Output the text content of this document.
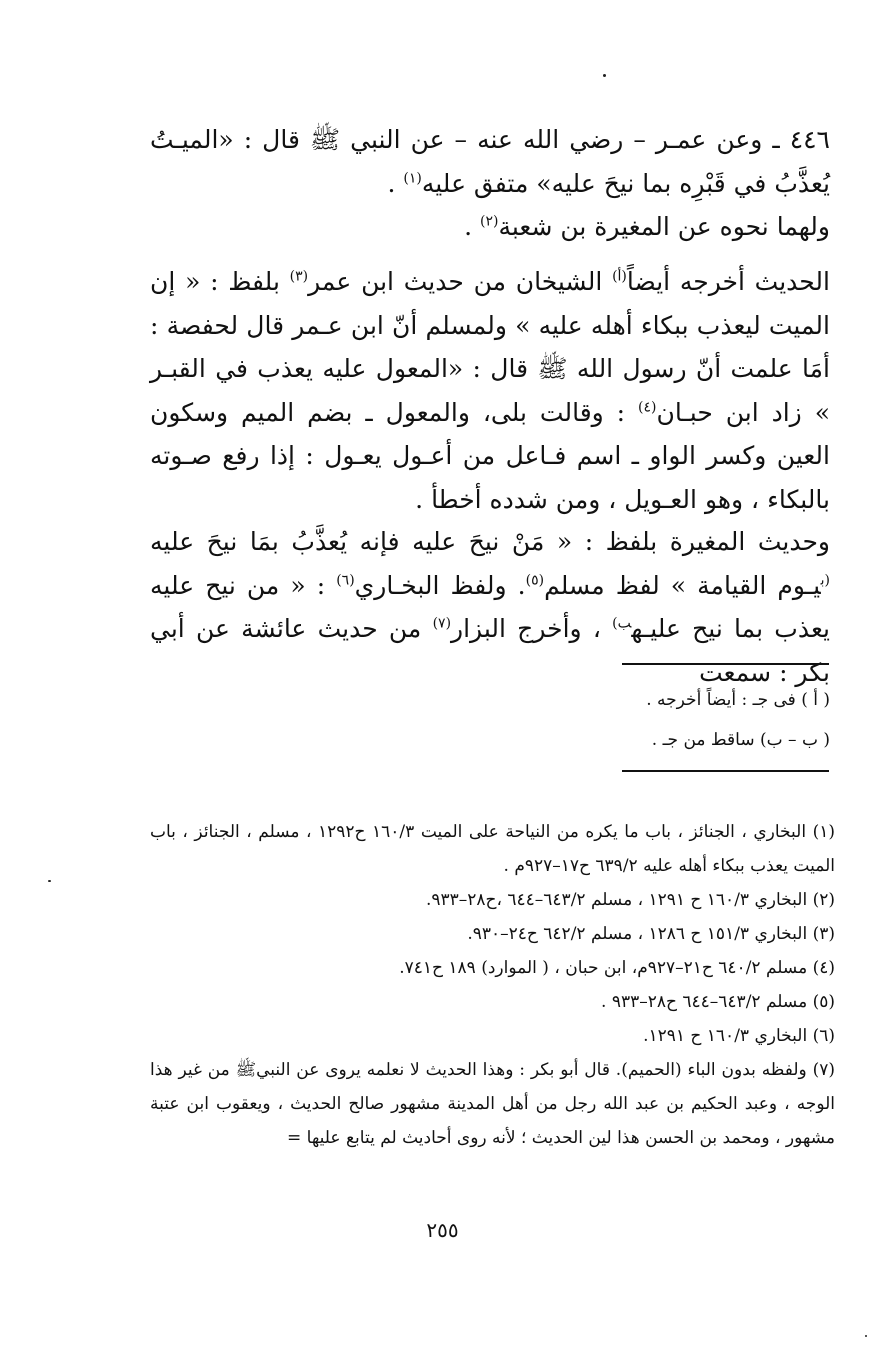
٤٤٦ ـ وعن عمـر – رضي الله عنه – عن النبي ﷺ قال : «الميـتُ يُعذَّبُ في قَبْرِه بما نيحَ عليه» متفق عليه$^{(١)}$ .

ولهما نحوه عن المغيرة بن شعبة$^{(٢)}$ .

الحديث أخرجه أيضاً$^{(أ)}$ الشيخان من حديث ابن عمر$^{(٣)}$ بلفظ : « إن الميت ليعذب ببكاء أهله عليه » ولمسلم أنّ ابن عـمر قال لحفصة : أمَا علمت أنّ رسول الله ﷺ قال : «المعول عليه يعذب في القبـر » زاد ابن حبـان$^{(٤)}$ : وقالت بلى، والمعول ـ بضم الميم وسكون العين وكسر الواو ـ اسم فـاعل من أعـول يعـول : إذا رفع صـوته بالبكاء ، وهو العـويل ، ومن شدده أخطأ .

وحديث المغيرة بلفظ : « مَنْ نيحَ عليه فإنه يُعذَّبُ بمَا نيحَ عليه $^{(ب}$يـوم القيامة » لفظ مسلم$^{(٥)}$. ولفظ البخـاري$^{(٦)}$ : « من نيح عليه يعذب بما نيح عليـه$^{ب)}$ ، وأخرج البزار$^{(٧)}$ من حديث عائشة عن أبي بكر : سمعت

( أ ) فى جـ : أيضاً أخرجه .

( ب – ب) ساقط من جـ .

(١) البخاري ، الجنائز ، باب ما يكره من النياحة على الميت ١٦٠/٣ ح١٢٩٢ ، مسلم ، الجنائز ، باب الميت يعذب ببكاء أهله عليه ٦٣٩/٢ ح١٧–٩٢٧م .

(٢) البخاري ١٦٠/٣ ح ١٢٩١ ، مسلم ٦٤٣/٢–٦٤٤ ،ح٢٨–٩٣٣.

(٣) البخاري ١٥١/٣ ح ١٢٨٦ ، مسلم ٦٤٢/٢ ح٢٤–٩٣٠.

(٤) مسلم ٦٤٠/٢ ح٢١–٩٢٧م، ابن حبان ، ( الموارد) ١٨٩ ح٧٤١.

(٥) مسلم ٦٤٣/٢–٦٤٤ ح٢٨–٩٣٣ .

(٦) البخاري ١٦٠/٣ ح ١٢٩١.

(٧) ولفظه بدون الباء (الحميم). قال أبو بكر : وهذا الحديث لا نعلمه يروى عن النبيﷺ من غير هذا الوجه ، وعبد الحكيم بن عبد الله رجل من أهل المدينة مشهور صالح الحديث ، ويعقوب ابن عتبة مشهور ، ومحمد بن الحسن هذا لين الحديث ؛ لأنه روى أحاديث لم يتابع عليها =

٢٥٥
